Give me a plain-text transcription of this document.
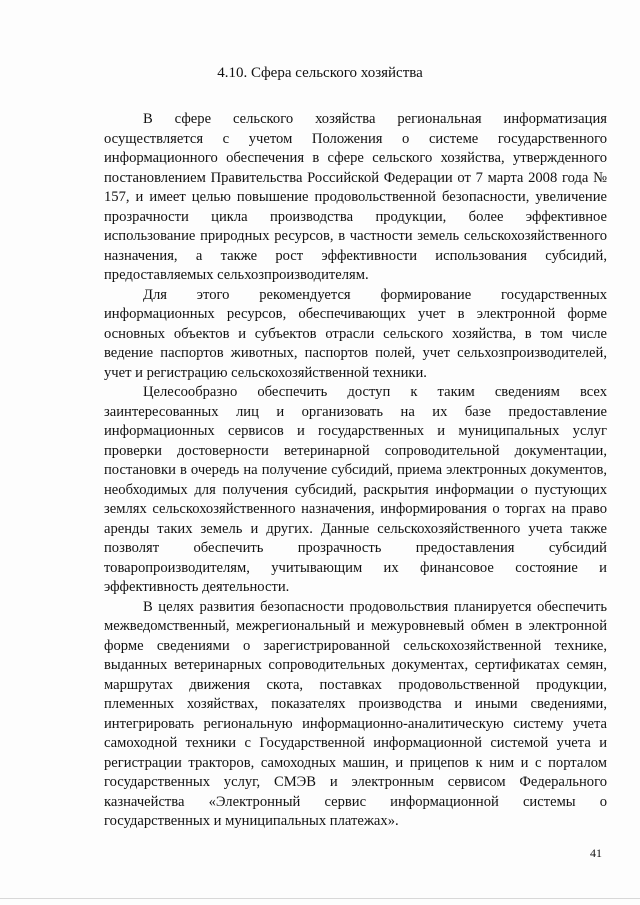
4.10. Сфера сельского хозяйства

В сфере сельского хозяйства региональная информатизация осуществляется с учетом Положения о системе государственного информационного обеспечения в сфере сельского хозяйства, утвержденного постановлением Правительства Российской Федерации от 7 марта 2008 года № 157, и имеет целью повышение продовольственной безопасности, увеличение прозрачности цикла производства продукции, более эффективное использование природных ресурсов, в частности земель сельскохозяйственного назначения, а также рост эффективности использования субсидий, предоставляемых сельхозпроизводителям.

Для этого рекомендуется формирование государственных информационных ресурсов, обеспечивающих учет в электронной форме основных объектов и субъектов отрасли сельского хозяйства, в том числе ведение паспортов животных, паспортов полей, учет сельхозпроизводителей, учет и регистрацию сельскохозяйственной техники.

Целесообразно обеспечить доступ к таким сведениям всех заинтересованных лиц и организовать на их базе предоставление информационных сервисов и государственных и муниципальных услуг проверки достоверности ветеринарной сопроводительной документации, постановки в очередь на получение субсидий, приема электронных документов, необходимых для получения субсидий, раскрытия информации о пустующих землях сельскохозяйственного назначения, информирования о торгах на право аренды таких земель и других. Данные сельскохозяйственного учета также позволят обеспечить прозрачность предоставления субсидий товаропроизводителям, учитывающим их финансовое состояние и эффективность деятельности.

В целях развития безопасности продовольствия планируется обеспечить межведомственный, межрегиональный и межуровневый обмен в электронной форме сведениями о зарегистрированной сельскохозяйственной технике, выданных ветеринарных сопроводительных документах, сертификатах семян, маршрутах движения скота, поставках продовольственной продукции, племенных хозяйствах, показателях производства и иными сведениями, интегрировать региональную информационно-аналитическую систему учета самоходной техники с Государственной информационной системой учета и регистрации тракторов, самоходных машин, и прицепов к ним и с порталом государственных услуг, СМЭВ и электронным сервисом Федерального казначейства «Электронный сервис информационной системы о государственных и муниципальных платежах».

41
